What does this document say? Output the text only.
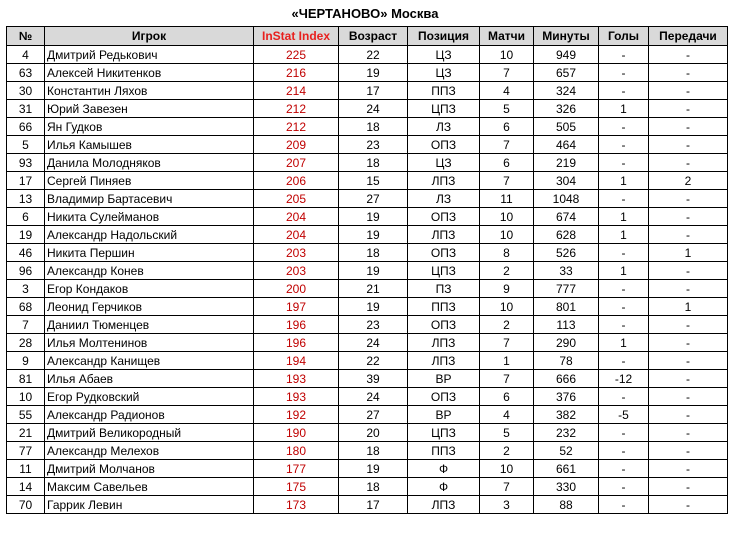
«ЧЕРТАНОВО» Москва
№	Игрок	InStat Index	Возраст	Позиция	Матчи	Минуты	Голы	Передачи
4	Дмитрий Редькович	225	22	ЦЗ	10	949	-	-
63	Алексей Никитенков	216	19	ЦЗ	7	657	-	-
30	Константин Ляхов	214	17	ППЗ	4	324	-	-
31	Юрий Завезен	212	24	ЦПЗ	5	326	1	-
66	Ян Гудков	212	18	ЛЗ	6	505	-	-
5	Илья Камышев	209	23	ОПЗ	7	464	-	-
93	Данила Молодняков	207	18	ЦЗ	6	219	-	-
17	Сергей Пиняев	206	15	ЛПЗ	7	304	1	2
13	Владимир Бартасевич	205	27	ЛЗ	11	1048	-	-
6	Никита Сулейманов	204	19	ОПЗ	10	674	1	-
19	Александр Надольский	204	19	ЛПЗ	10	628	1	-
46	Никита Першин	203	18	ОПЗ	8	526	-	1
96	Александр Конев	203	19	ЦПЗ	2	33	1	-
3	Егор Кондаков	200	21	ПЗ	9	777	-	-
68	Леонид Герчиков	197	19	ППЗ	10	801	-	1
7	Даниил Тюменцев	196	23	ОПЗ	2	113	-	-
28	Илья Молтенинов	196	24	ЛПЗ	7	290	1	-
9	Александр Канищев	194	22	ЛПЗ	1	78	-	-
81	Илья Абаев	193	39	ВР	7	666	-12	-
10	Егор Рудковский	193	24	ОПЗ	6	376	-	-
55	Александр Радионов	192	27	ВР	4	382	-5	-
21	Дмитрий Великородный	190	20	ЦПЗ	5	232	-	-
77	Александр Мелехов	180	18	ППЗ	2	52	-	-
11	Дмитрий Молчанов	177	19	Ф	10	661	-	-
14	Максим Савельев	175	18	Ф	7	330	-	-
70	Гаррик Левин	173	17	ЛПЗ	3	88	-	-
